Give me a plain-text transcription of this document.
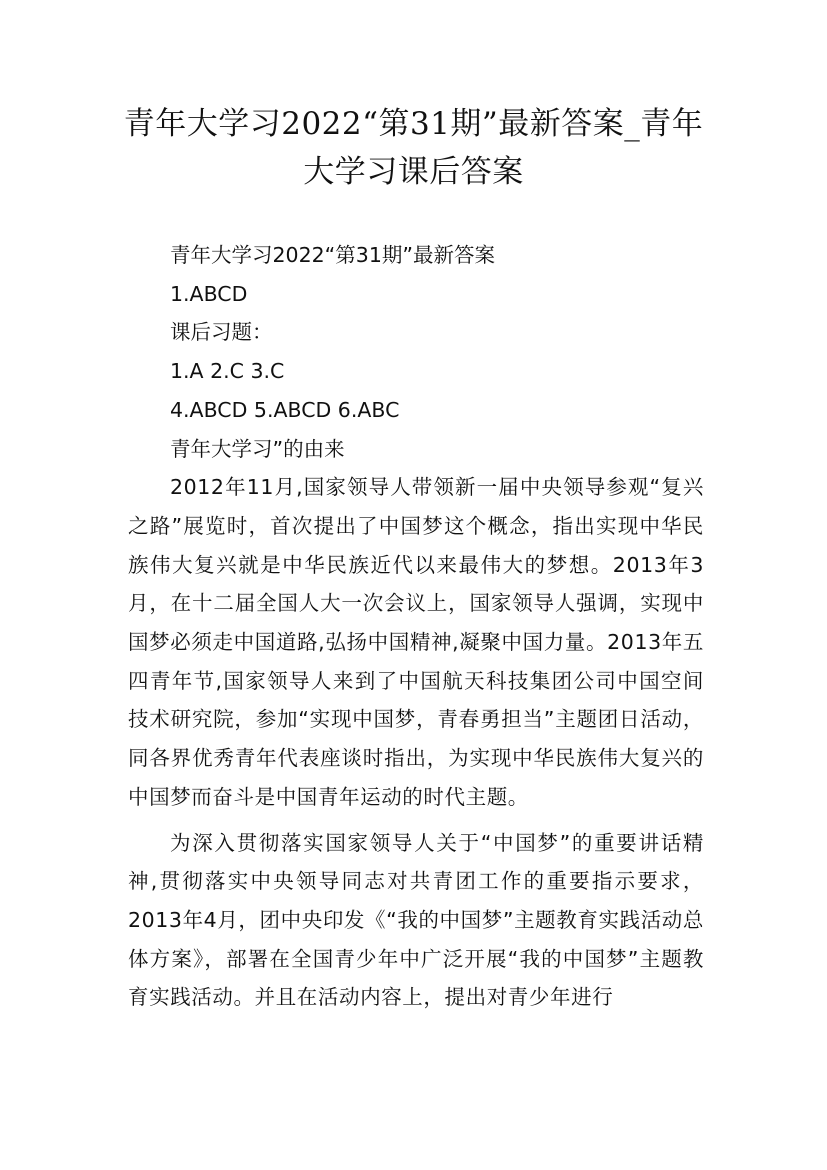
青年大学习2022“第31期”最新答案_青年大学习课后答案

青年大学习2022“第31期”最新答案

1.ABCD

课后习题：

1.A 2.C 3.C

4.ABCD 5.ABCD 6.ABC

青年大学习”的由来

2012年11月,国家领导人带领新一届中央领导参观“复兴之路”展览时，首次提出了中国梦这个概念，指出实现中华民族伟大复兴就是中华民族近代以来最伟大的梦想。2013年3月，在十二届全国人大一次会议上，国家领导人强调，实现中国梦必须走中国道路,弘扬中国精神,凝聚中国力量。2013年五四青年节,国家领导人来到了中国航天科技集团公司中国空间技术研究院，参加“实现中国梦，青春勇担当”主题团日活动，同各界优秀青年代表座谈时指出，为实现中华民族伟大复兴的中国梦而奋斗是中国青年运动的时代主题。

为深入贯彻落实国家领导人关于“中国梦”的重要讲话精神,贯彻落实中央领导同志对共青团工作的重要指示要求，2013年4月，团中央印发《“我的中国梦”主题教育实践活动总体方案》，部署在全国青少年中广泛开展“我的中国梦”主题教育实践活动。并且在活动内容上，提出对青少年进行
